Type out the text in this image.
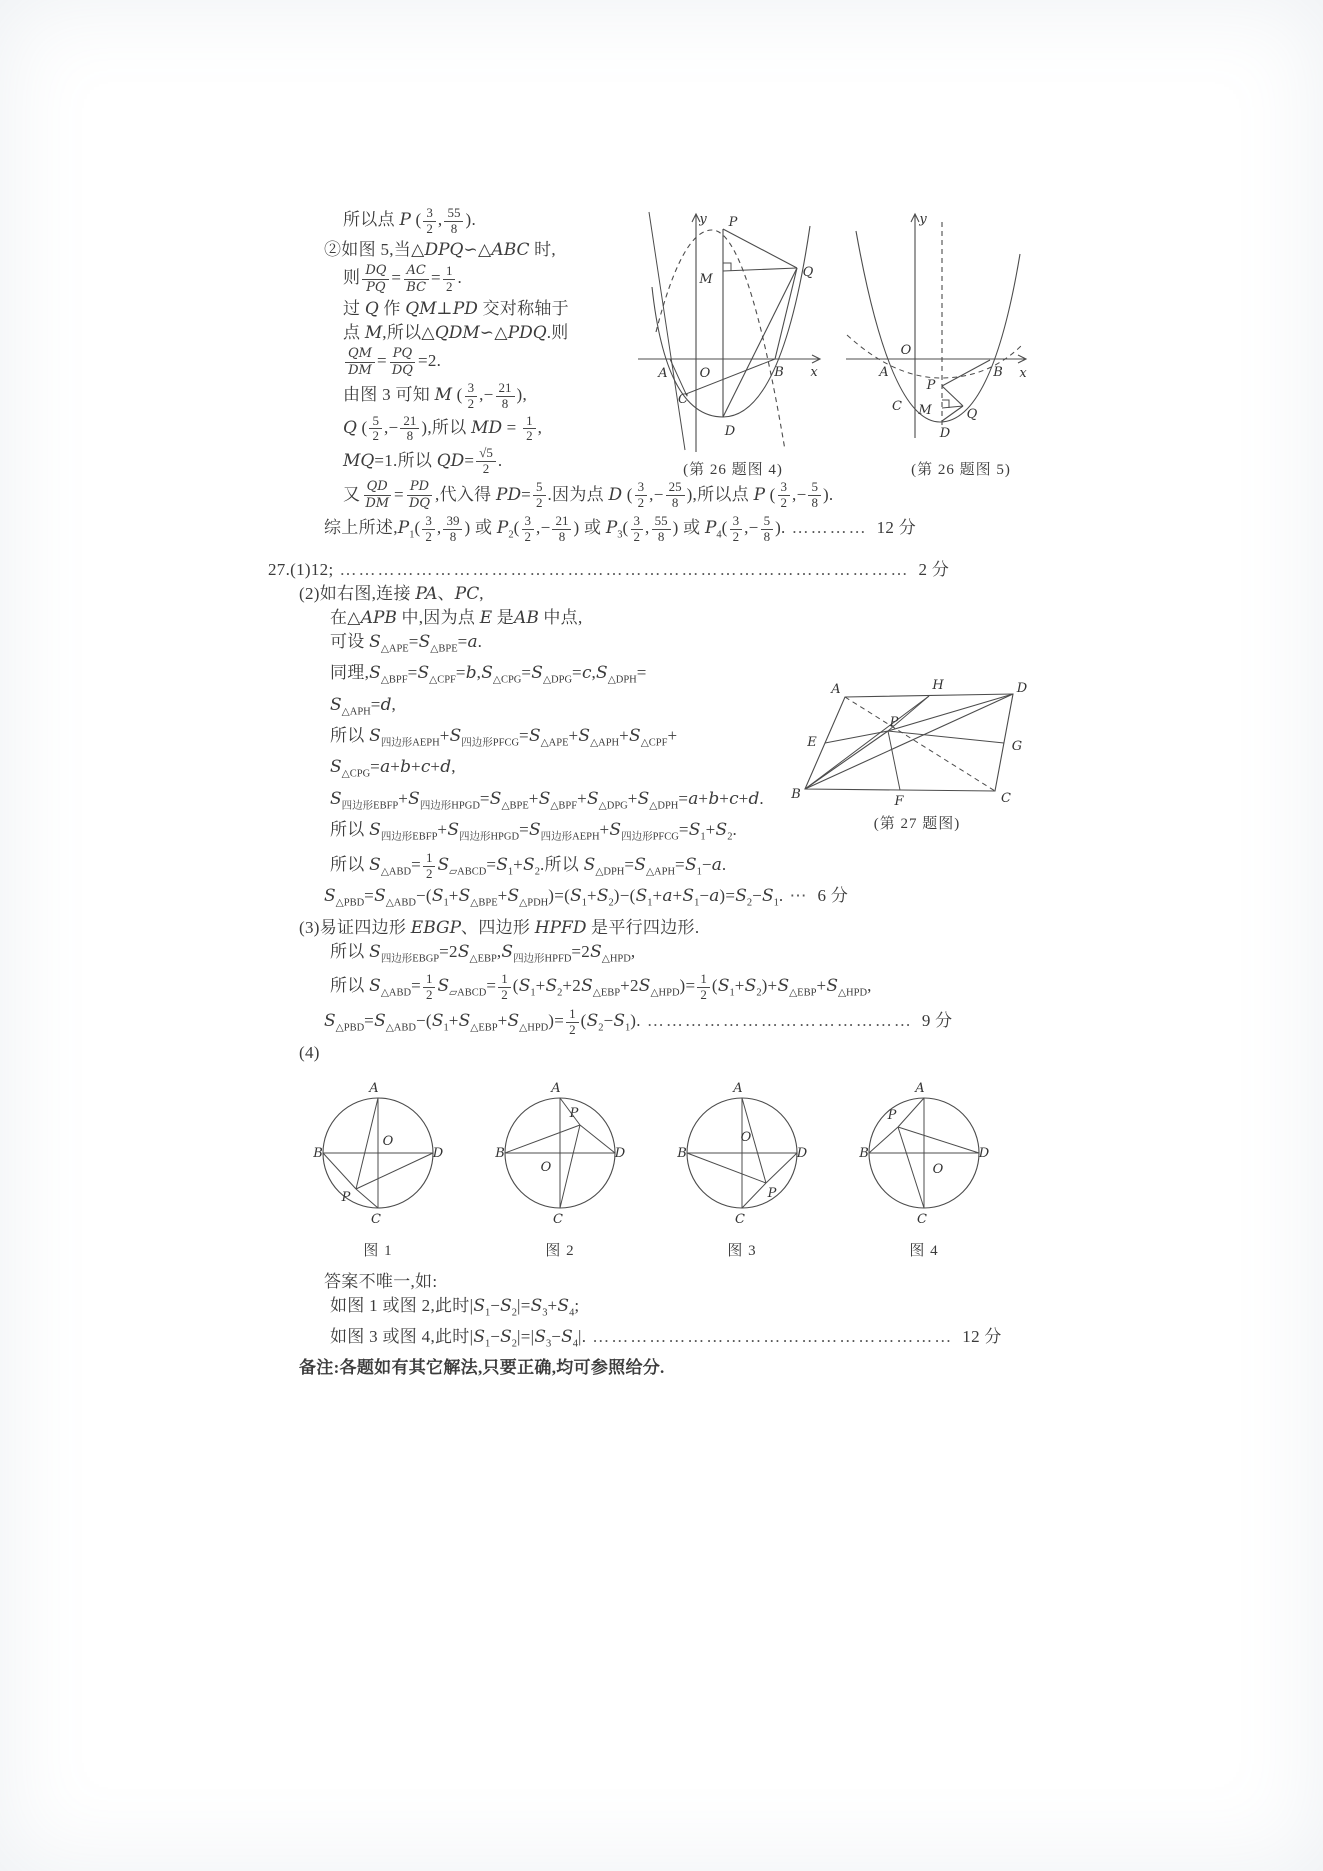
y P
M	Q
A O	B x
C
D
(第 26 题图 4)
y
A
O
B x
C
P
M	Q
D
(第 26 题图 5)
A	H	D
E	G
B	F	C
P
(第 27 题图)
所以点 P ( $\frac{3}{2}$ , $\frac{55}{8}$ ).
②如图 5,当△DPQ∽△ABC 时,
则 $\frac{DQ}{PQ} = \frac{AC}{BC} = \frac{1}{2}$ .
过 Q 作 QM⊥PD 交对称轴于
点 M,所以△QDM∽△PDQ.则
$\frac{QM}{DM} = \frac{PQ}{DQ} =2$.
由图 3 可知 M ( $\frac{3}{2}$ ,− $\frac{21}{8}$ ),
Q ( $\frac{5}{2}$ ,− $\frac{21}{8}$ ),所以 MD = $\frac{1}{2}$ ,
MQ=1.所以 $QD= \frac{√5}{2}$ .
又 $\frac{QD}{DM} = \frac{PD}{DQ}$ ,代入得 $PD= \frac{5}{2}$ .因为点 D ( $\frac{3}{2}$ ,− $\frac{25}{8}$ ),所以点 P ( $\frac{3}{2}$ ,− $\frac{5}{8}$ ).
综上所述$,P_1( \frac{3}{2}$ , $\frac{39}{8}$ ) 或 $P_2( \frac{3}{2}$ ,− $\frac{21}{8}$ ) 或 $P_3( \frac{3}{2}$ , $\frac{55}{8}$ ) 或 $P_4( \frac{3}{2}$ ,− $\frac{5}{8}$ ). ………… 12 分
27.(1)12; ……………………………………………………………………………… 2 分
(2)如右图,连接 PA、PC,
在△APB 中,因为点 E 是AB 中点,
可设 $S_{\triangle APE}=S_{\triangle BPE}=a$.
同理$,S_{\triangle BPF}=S_{\triangle CPF}=b,S_{\triangle CPG}=S_{\triangle DPG}=c,S_{\triangle DPH}=$
$S_{\triangle APH}=d$,
所以 $S_{四边形AEPH}+S_{四边形PFCG}=S_{\triangle APE}+S_{\triangle APH}+S_{\triangle CPF}+$
$S_{\triangle CPG}=a+b+c+d$,
$S_{四边形EBFP}+S_{四边形HPGD}=S_{\triangle BPE}+S_{\triangle BPF}+S_{\triangle DPG}+S_{\triangle DPH}=a+b+c+d$.
所以 $S_{四边形EBFP}+S_{四边形HPGD}=S_{四边形AEPH}+S_{四边形PFCG}=S_1+S_2$.
所以 $S_{\triangle ABD}= \frac{1}{2} S_{▱ABCD}=S_1+S_2$.所以 $S_{\triangle DPH}=S_{\triangle APH}=S_1-a$.
$S_{\triangle PBD}=S_{\triangle ABD}-(S_1+S_{\triangle BPE}+S_{\triangle PDH})=(S_1+S_2)-(S_1+a+S_1-a)=S_2-S_1$. ⋯ 6 分
(3)易证四边形 EBGP、四边形 HPFD 是平行四边形.
所以 $S_{四边形EBGP}=2S_{\triangle EBP},S_{四边形HPFD}=2S_{\triangle HPD}$,
所以 $S_{\triangle ABD}= \frac{1}{2} S_{▱ABCD}= \frac{1}{2} (S_1+S_2+2S_{\triangle EBP}+2S_{\triangle HPD})= \frac{1}{2} (S_1+S_2)+S_{\triangle EBP}+S_{\triangle HPD}$,
$S_{\triangle PBD}=S_{\triangle ABD}-(S_1+S_{\triangle EBP}+S_{\triangle HPD})= \frac{1}{2} (S_2-S_1)$. …………………………………… 9 分
(4)
A
B	D
C
O
P
图 1
A
B	D
C
O
P
图 2
A
B	D
C
O
P
图 3
A
B	D
C
O
P
图 4
答案不唯一,如:
如图 1 或图 2,此时$|S_1-S_2|=S_3+S_4$;
如图 3 或图 4,此时$|S_1-S_2|=|S_3-S_4|$. ………………………………………………… 12 分
备注:各题如有其它解法,只要正确,均可参照给分.
